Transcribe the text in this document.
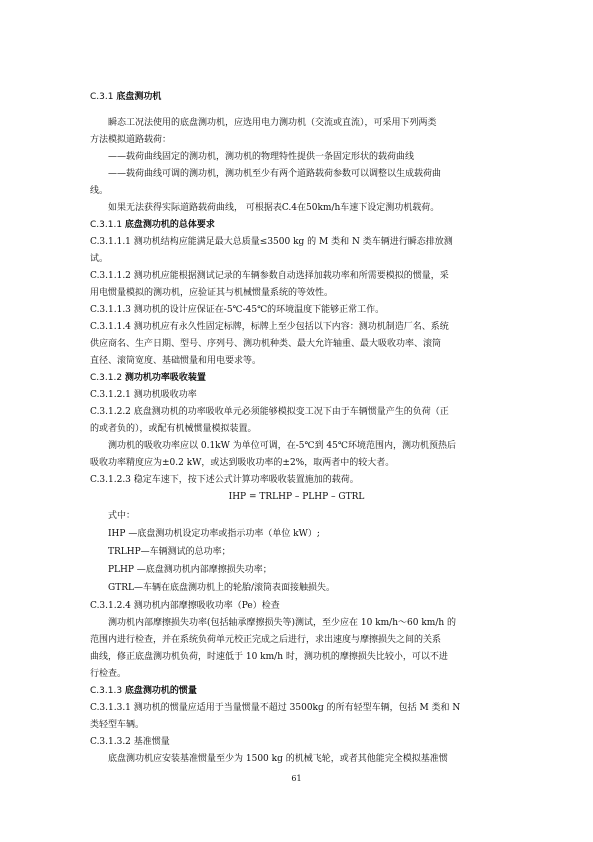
C.3.1 底盘测功机
瞬态工况法使用的底盘测功机，应选用电力测功机（交流或直流），可采用下列两类
方法模拟道路载荷：
——载荷曲线固定的测功机，测功机的物理特性提供一条固定形状的载荷曲线
——载荷曲线可调的测功机，测功机至少有两个道路载荷参数可以调整以生成载荷曲
线。
如果无法获得实际道路载荷曲线， 可根据表C.4在50km/h车速下设定测功机载荷。
C.3.1.1 底盘测功机的总体要求
C.3.1.1.1 测功机结构应能满足最大总质量≤3500 kg 的 M 类和 N 类车辆进行瞬态排放测
试。
C.3.1.1.2 测功机应能根据测试记录的车辆参数自动选择加载功率和所需要模拟的惯量，采
用电惯量模拟的测功机，应验证其与机械惯量系统的等效性。
C.3.1.1.3 测功机的设计应保证在-5℃-45℃的环境温度下能够正常工作。
C.3.1.1.4 测功机应有永久性固定标牌，标牌上至少包括以下内容：测功机制造厂名、系统
供应商名、生产日期、型号、序列号、测功机种类、最大允许轴重、最大吸收功率、滚筒
直径、滚筒宽度、基础惯量和用电要求等。
C.3.1.2 测功机功率吸收装置
C.3.1.2.1 测功机吸收功率
C.3.1.2.2 底盘测功机的功率吸收单元必须能够模拟变工况下由于车辆惯量产生的负荷（正
的或者负的），或配有机械惯量模拟装置。
测功机的吸收功率应以 0.1kW 为单位可调，在-5℃到 45℃环境范围内，测功机预热后
吸收功率精度应为±0.2 kW，或达到吸收功率的±2%，取两者中的较大者。
C.3.1.2.3 稳定车速下，按下述公式计算功率吸收装置施加的载荷。
IHP = TRLHP – PLHP – GTRL
式中：
IHP —底盘测功机设定功率或指示功率（单位 kW）;
TRLHP—车辆测试的总功率；
PLHP —底盘测功机内部摩擦损失功率；
GTRL—车辆在底盘测功机上的轮胎/滚筒表面接触损失。
C.3.1.2.4 测功机内部摩擦吸收功率（Pe）检查
测功机内部摩擦损失功率(包括轴承摩擦损失等)测试，至少应在 10 km/h～60 km/h 的
范围内进行检查，并在系统负荷单元校正完成之后进行，求出速度与摩擦损失之间的关系
曲线，修正底盘测功机负荷，时速低于 10 km/h 时，测功机的摩擦损失比较小，可以不进
行检查。
C.3.1.3 底盘测功机的惯量
C.3.1.3.1 测功机的惯量应适用于当量惯量不超过 3500kg 的所有轻型车辆，包括 M 类和 N
类轻型车辆。
C.3.1.3.2 基准惯量
底盘测功机应安装基准惯量至少为 1500 kg 的机械飞轮，或者其他能完全模拟基准惯
61
